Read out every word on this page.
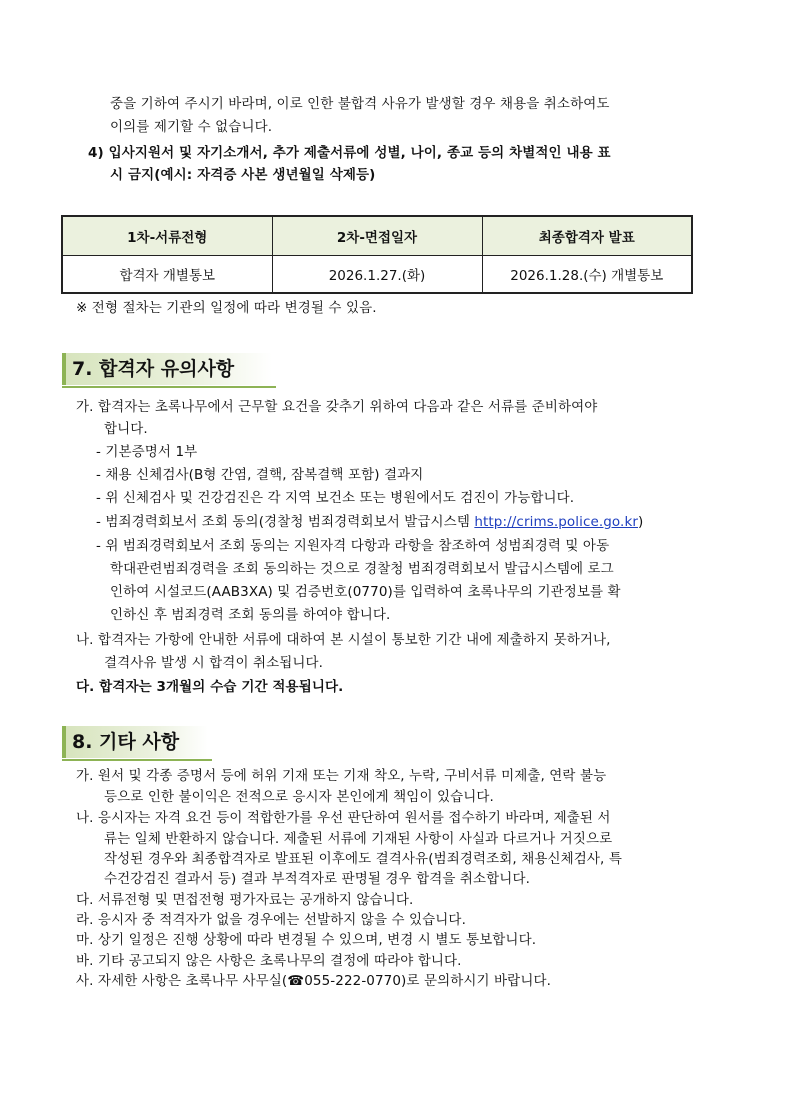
중을 기하여 주시기 바라며, 이로 인한 불합격 사유가 발생할 경우 채용을 취소하여도
이의를 제기할 수 없습니다.
4) 입사지원서 및 자기소개서, 추가 제출서류에 성별, 나이, 종교 등의 차별적인 내용 표
시 금지(예시: 자격증 사본 생년월일 삭제등)
1차-서류전형	2차-면접일자	최종합격자 발표
합격자 개별통보	2026.1.27.(화)	2026.1.28.(수) 개별통보
※ 전형 절차는 기관의 일정에 따라 변경될 수 있음.
7. 합격자 유의사항
가. 합격자는 초록나무에서 근무할 요건을 갖추기 위하여 다음과 같은 서류를 준비하여야
합니다.
- 기본증명서 1부
- 채용 신체검사(B형 간염, 결핵, 잠복결핵 포함) 결과지
- 위 신체검사 및 건강검진은 각 지역 보건소 또는 병원에서도 검진이 가능합니다.
- 범죄경력회보서 조회 동의(경찰청 범죄경력회보서 발급시스템 http://crims.police.go.kr)
- 위 범죄경력회보서 조회 동의는 지원자격 다항과 라항을 참조하여 성범죄경력 및 아동
학대관련범죄경력을 조회 동의하는 것으로 경찰청 범죄경력회보서 발급시스템에 로그
인하여 시설코드(AAB3XA) 및 검증번호(0770)를 입력하여 초록나무의 기관정보를 확
인하신 후 범죄경력 조회 동의를 하여야 합니다.
나. 합격자는 가항에 안내한 서류에 대하여 본 시설이 통보한 기간 내에 제출하지 못하거나,
결격사유 발생 시 합격이 취소됩니다.
다. 합격자는 3개월의 수습 기간 적용됩니다.
8. 기타 사항
가. 원서 및 각종 증명서 등에 허위 기재 또는 기재 착오, 누락, 구비서류 미제출, 연락 불능
등으로 인한 불이익은 전적으로 응시자 본인에게 책임이 있습니다.
나. 응시자는 자격 요건 등이 적합한가를 우선 판단하여 원서를 접수하기 바라며, 제출된 서
류는 일체 반환하지 않습니다. 제출된 서류에 기재된 사항이 사실과 다르거나 거짓으로
작성된 경우와 최종합격자로 발표된 이후에도 결격사유(범죄경력조회, 채용신체검사, 특
수건강검진 결과서 등) 결과 부적격자로 판명될 경우 합격을 취소합니다.
다. 서류전형 및 면접전형 평가자료는 공개하지 않습니다.
라. 응시자 중 적격자가 없을 경우에는 선발하지 않을 수 있습니다.
마. 상기 일정은 진행 상황에 따라 변경될 수 있으며, 변경 시 별도 통보합니다.
바. 기타 공고되지 않은 사항은 초록나무의 결정에 따라야 합니다.
사. 자세한 사항은 초록나무 사무실(☎055-222-0770)로 문의하시기 바랍니다.
